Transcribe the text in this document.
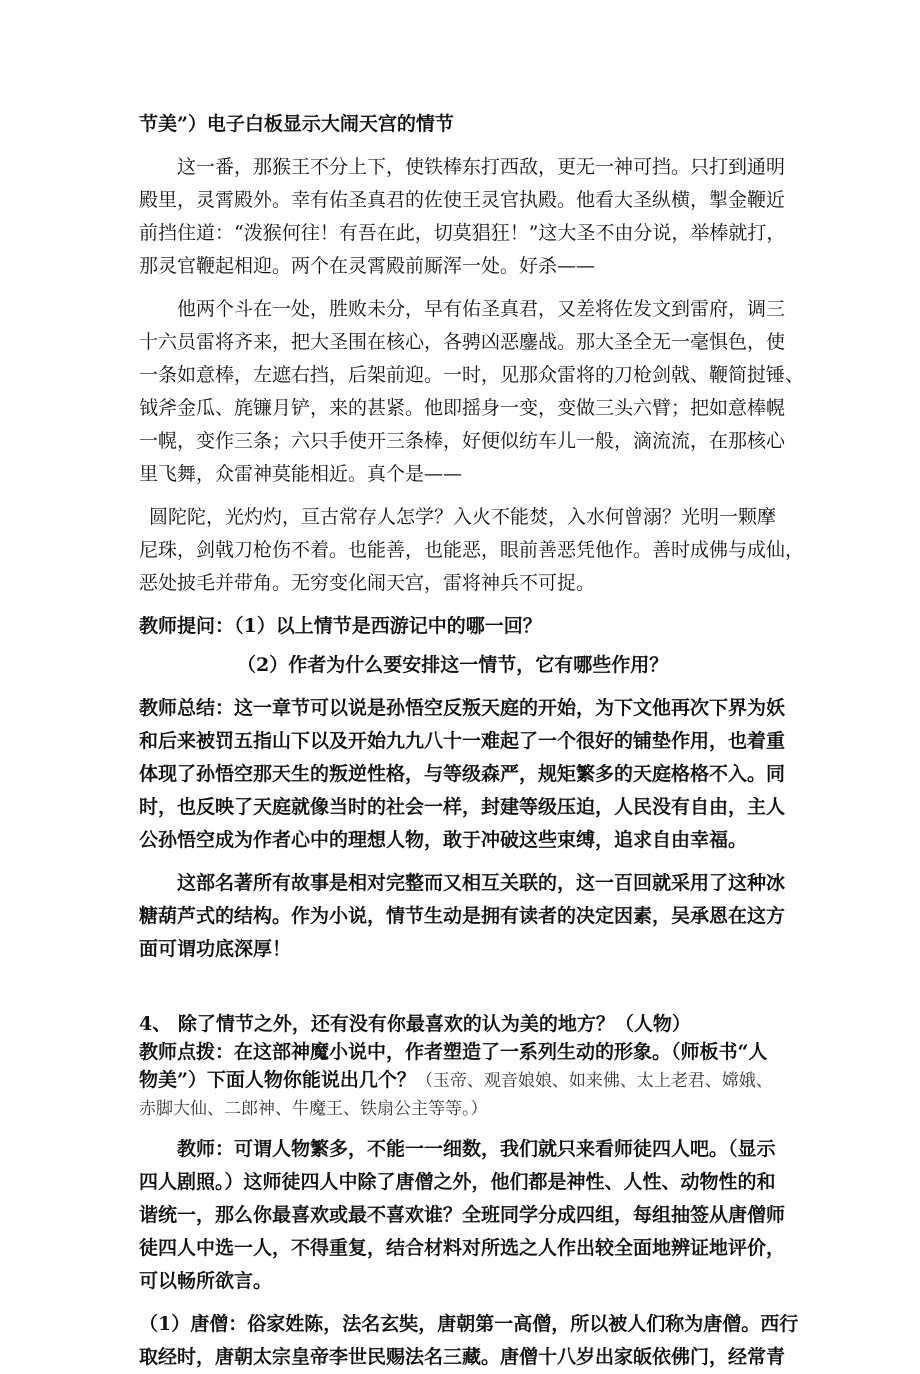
节美”）电子白板显示大闹天宫的情节
这一番，那猴王不分上下，使铁棒东打西敌，更无一神可挡。只打到通明
殿里，灵霄殿外。幸有佑圣真君的佐使王灵官执殿。他看大圣纵横，掣金鞭近
前挡住道：“泼猴何往！有吾在此，切莫猖狂！”这大圣不由分说，举棒就打，
那灵官鞭起相迎。两个在灵霄殿前厮浑一处。好杀——
他两个斗在一处，胜败未分，早有佑圣真君，又差将佐发文到雷府，调三
十六员雷将齐来，把大圣围在核心，各骋凶恶鏖战。那大圣全无一毫惧色，使
一条如意棒，左遮右挡，后架前迎。一时，见那众雷将的刀枪剑戟、鞭简挝锤、
钺斧金瓜、旄镰月铲，来的甚紧。他即摇身一变，变做三头六臂；把如意棒幌
一幌，变作三条；六只手使开三条棒，好便似纺车儿一般，滴流流，在那核心
里飞舞，众雷神莫能相近。真个是——
圆陀陀，光灼灼，亘古常存人怎学？入火不能焚，入水何曾溺？光明一颗摩
尼珠，剑戟刀枪伤不着。也能善，也能恶，眼前善恶凭他作。善时成佛与成仙，
恶处披毛并带角。无穷变化闹天宫，雷将神兵不可捉。
教师提问：（1）以上情节是西游记中的哪一回？
（2）作者为什么要安排这一情节，它有哪些作用？
教师总结：这一章节可以说是孙悟空反叛天庭的开始，为下文他再次下界为妖
和后来被罚五指山下以及开始九九八十一难起了一个很好的铺垫作用，也着重
体现了孙悟空那天生的叛逆性格，与等级森严，规矩繁多的天庭格格不入。同
时，也反映了天庭就像当时的社会一样，封建等级压迫，人民没有自由，主人
公孙悟空成为作者心中的理想人物，敢于冲破这些束缚，追求自由幸福。
这部名著所有故事是相对完整而又相互关联的，这一百回就采用了这种冰
糖葫芦式的结构。作为小说，情节生动是拥有读者的决定因素，吴承恩在这方
面可谓功底深厚！
4、 除了情节之外，还有没有你最喜欢的认为美的地方？（人物）
教师点拨：在这部神魔小说中，作者塑造了一系列生动的形象。（师板书“人
物美”）下面人物你能说出几个？（玉帝、观音娘娘、如来佛、太上老君、嫦娥、
赤脚大仙、二郎神、牛魔王、铁扇公主等等。）
教师：可谓人物繁多，不能一一细数，我们就只来看师徒四人吧。（显示
四人剧照。）这师徒四人中除了唐僧之外，他们都是神性、人性、动物性的和
谐统一，那么你最喜欢或最不喜欢谁？全班同学分成四组，每组抽签从唐僧师
徒四人中选一人，不得重复，结合材料对所选之人作出较全面地辨证地评价，
可以畅所欲言。
（1）唐僧：俗家姓陈，法名玄奘，唐朝第一高僧，所以被人们称为唐僧。西行
取经时，唐朝太宗皇帝李世民赐法名三藏。唐僧十八岁出家皈依佛门，经常青
